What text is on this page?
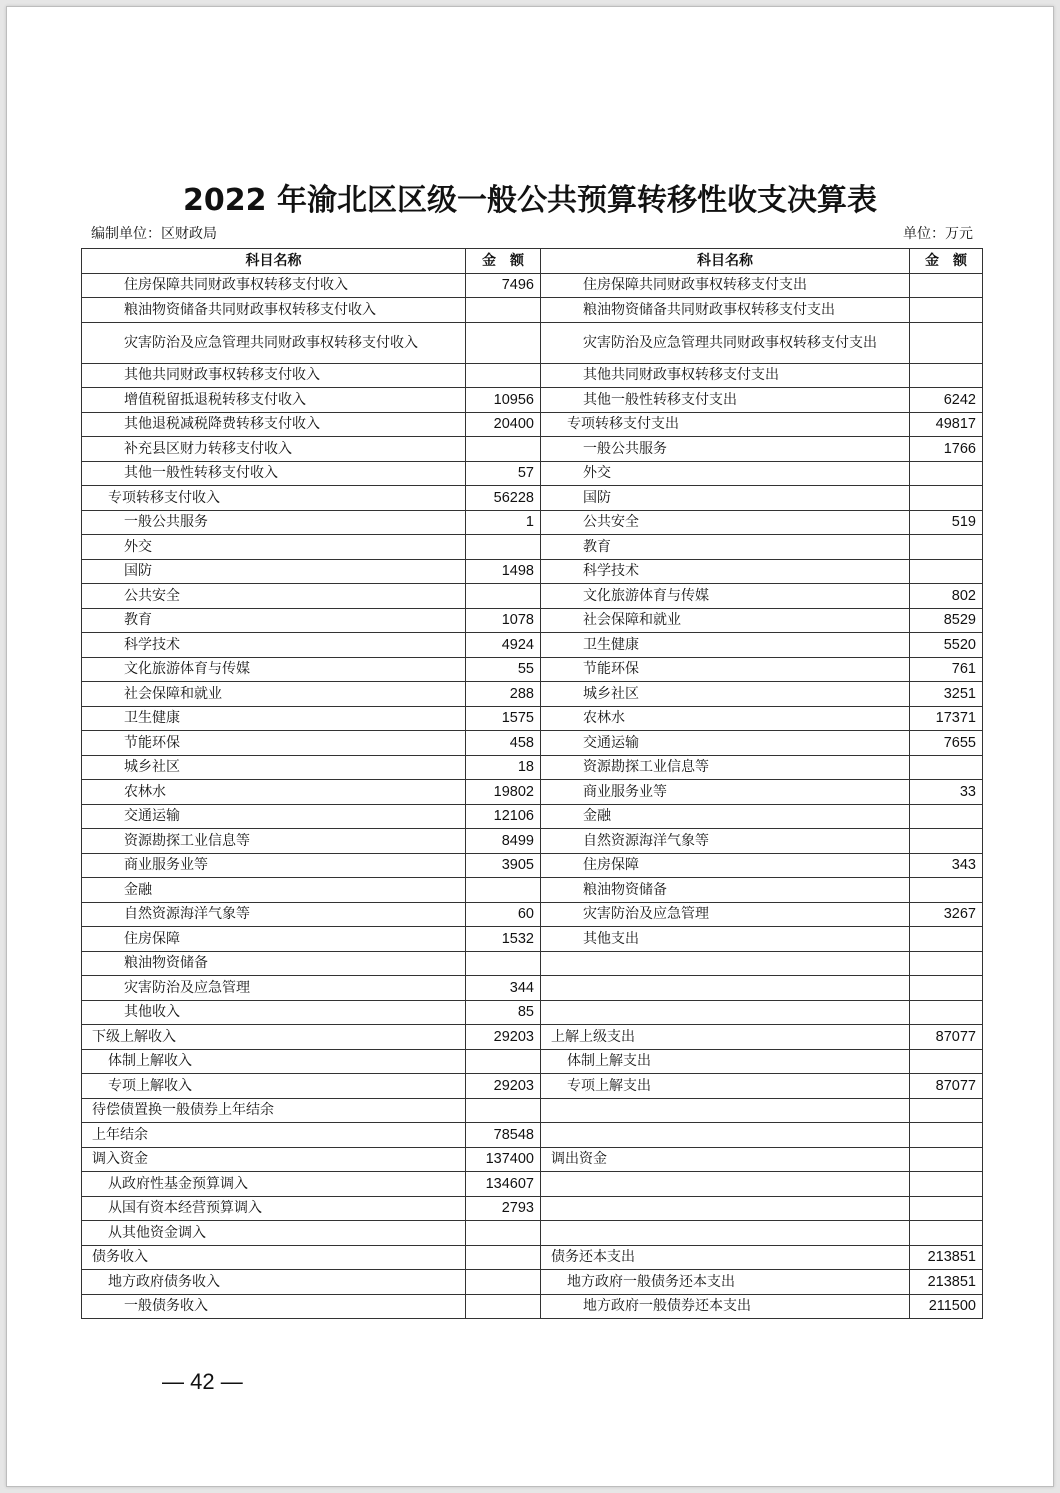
2022 年渝北区区级一般公共预算转移性收支决算表
编制单位：区财政局	单位：万元
科目名称	金　额	科目名称	金　额
住房保障共同财政事权转移支付收入	7496	住房保障共同财政事权转移支付支出	
粮油物资储备共同财政事权转移支付收入		粮油物资储备共同财政事权转移支付支出	
灾害防治及应急管理共同财政事权转移支付收入		灾害防治及应急管理共同财政事权转移支付支出	
其他共同财政事权转移支付收入		其他共同财政事权转移支付支出	
增值税留抵退税转移支付收入	10956	其他一般性转移支付支出	6242
其他退税减税降费转移支付收入	20400	专项转移支付支出	49817
补充县区财力转移支付收入		一般公共服务	1766
其他一般性转移支付收入	57	外交	
专项转移支付收入	56228	国防	
一般公共服务	1	公共安全	519
外交		教育	
国防	1498	科学技术	
公共安全		文化旅游体育与传媒	802
教育	1078	社会保障和就业	8529
科学技术	4924	卫生健康	5520
文化旅游体育与传媒	55	节能环保	761
社会保障和就业	288	城乡社区	3251
卫生健康	1575	农林水	17371
节能环保	458	交通运输	7655
城乡社区	18	资源勘探工业信息等	
农林水	19802	商业服务业等	33
交通运输	12106	金融	
资源勘探工业信息等	8499	自然资源海洋气象等	
商业服务业等	3905	住房保障	343
金融		粮油物资储备	
自然资源海洋气象等	60	灾害防治及应急管理	3267
住房保障	1532	其他支出	
粮油物资储备			
灾害防治及应急管理	344		
其他收入	85		
下级上解收入	29203	上解上级支出	87077
体制上解收入		体制上解支出	
专项上解收入	29203	专项上解支出	87077
待偿债置换一般债券上年结余			
上年结余	78548		
调入资金	137400	调出资金	
从政府性基金预算调入	134607		
从国有资本经营预算调入	2793		
从其他资金调入			
债务收入		债务还本支出	213851
地方政府债务收入		地方政府一般债务还本支出	213851
一般债务收入		地方政府一般债券还本支出	211500
— 42 —
